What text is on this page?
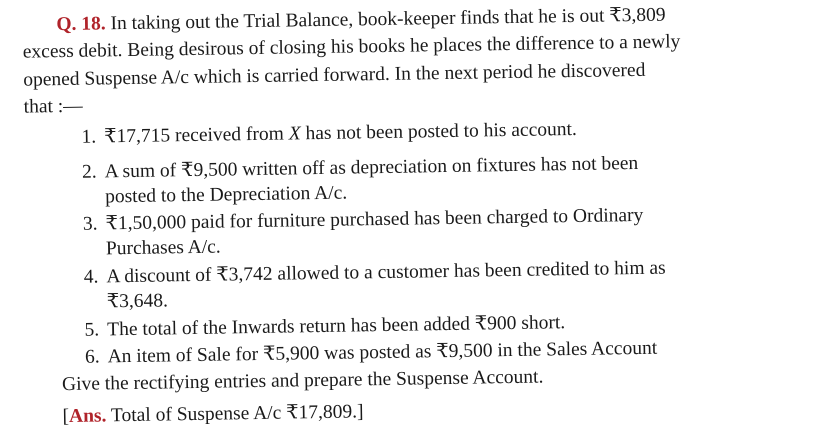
Q. 18. In taking out the Trial Balance, book-keeper finds that he is out ₹3,809
excess debit. Being desirous of closing his books he places the difference to a newly
opened Suspense A/c which is carried forward. In the next period he discovered
that :—
1. ₹17,715 received from X has not been posted to his account.
2. A sum of ₹9,500 written off as depreciation on fixtures has not been
posted to the Depreciation A/c.
3. ₹1,50,000 paid for furniture purchased has been charged to Ordinary
Purchases A/c.
4. A discount of ₹3,742 allowed to a customer has been credited to him as
₹3,648.
5. The total of the Inwards return has been added ₹900 short.
6. An item of Sale for ₹5,900 was posted as ₹9,500 in the Sales Account
Give the rectifying entries and prepare the Suspense Account.
[Ans. Total of Suspense A/c ₹17,809.]
